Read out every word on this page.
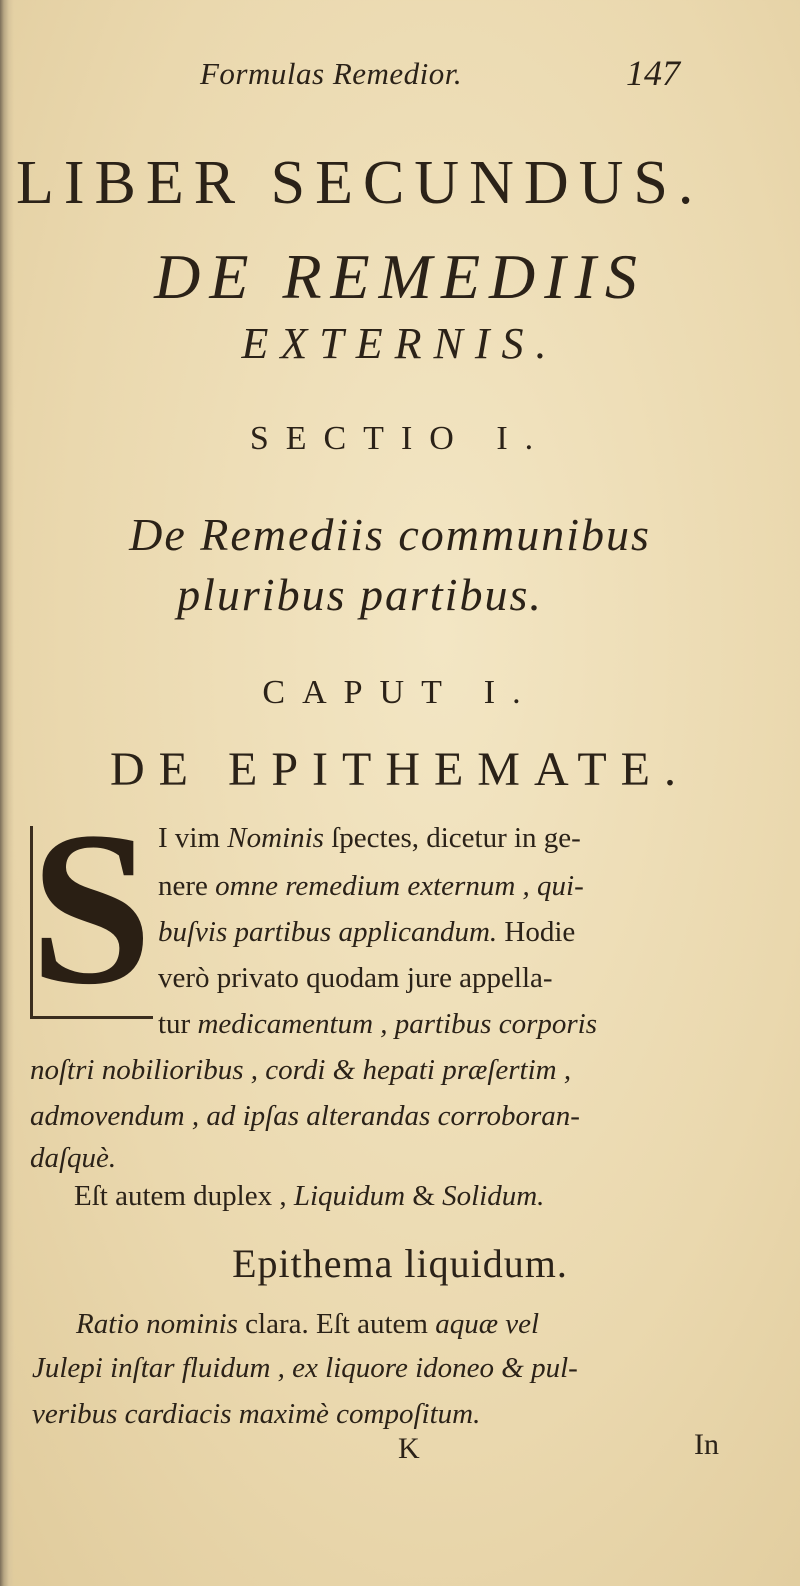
Formulas Remedior.	147
LIBER SECUNDUS.
DE REMEDIIS
EXTERNIS.
SECTIO I.
De Remediis communibus
pluribus partibus.
CAPUT I.
DE EPITHEMATE.
S I vim Nominis ſpectes, dicetur in ge-
nere omne remedium externum , qui-
buſvis partibus applicandum. Hodie
verò privato quodam jure appella-
tur medicamentum , partibus corporis
noſtri nobilioribus , cordi & hepati præſertim ,
admovendum , ad ipſas alterandas corroboran-
daſquè.
Eſt autem duplex , Liquidum & Solidum.
Epithema liquidum.
Ratio nominis clara. Eſt autem aquæ vel
Julepi inſtar fluidum , ex liquore idoneo & pul-
veribus cardiacis maximè compoſitum.
K	In
